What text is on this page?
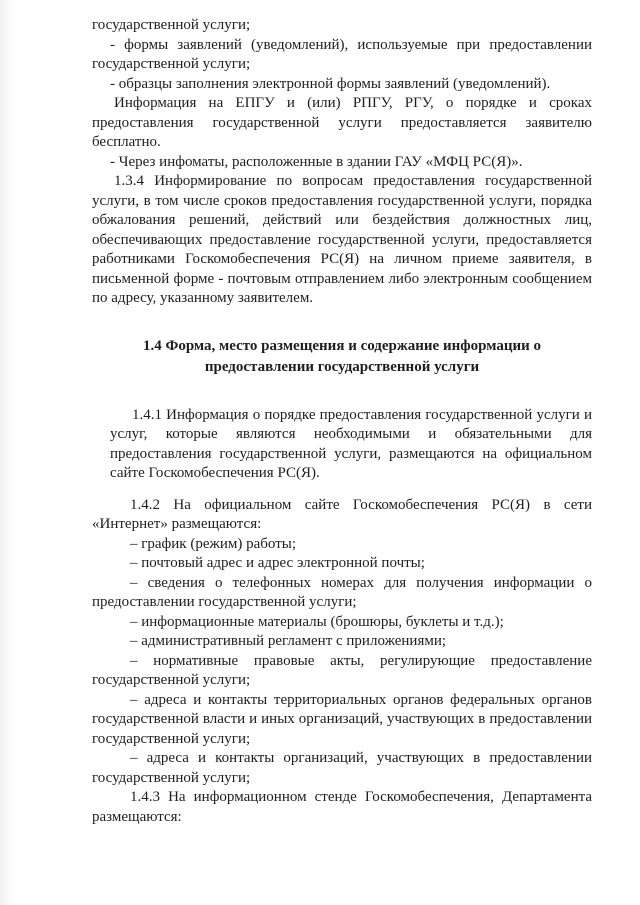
государственной услуги;

- формы заявлений (уведомлений), используемые при предоставлении государственной услуги;

- образцы заполнения электронной формы заявлений (уведомлений).

Информация на ЕПГУ и (или) РПГУ, РГУ, о порядке и сроках предоставления государственной услуги предоставляется заявителю бесплатно.

- Через инфоматы, расположенные в здании ГАУ «МФЦ РС(Я)».

1.3.4 Информирование по вопросам предоставления государственной услуги, в том числе сроков предоставления государственной услуги, порядка обжалования решений, действий или бездействия должностных лиц, обеспечивающих предоставление государственной услуги, предоставляется работниками Госкомобеспечения РС(Я) на личном приеме заявителя, в письменной форме - почтовым отправлением либо электронным сообщением по адресу, указанному заявителем.

1.4 Форма, место размещения и содержание информации о
предоставлении государственной услуги

1.4.1 Информация о порядке предоставления государственной услуги и услуг, которые являются необходимыми и обязательными для предоставления государственной услуги, размещаются на официальном сайте Госкомобеспечения РС(Я).

1.4.2 На официальном сайте Госкомобеспечения РС(Я) в сети «Интернет» размещаются:

– график (режим) работы;

– почтовый адрес и адрес электронной почты;

– сведения о телефонных номерах для получения информации о предоставлении государственной услуги;

– информационные материалы (брошюры, буклеты и т.д.);

– административный регламент с приложениями;

– нормативные правовые акты, регулирующие предоставление государственной услуги;

– адреса и контакты территориальных органов федеральных органов государственной власти и иных организаций, участвующих в предоставлении государственной услуги;

– адреса и контакты организаций, участвующих в предоставлении государственной услуги;

1.4.3 На информационном стенде Госкомобеспечения, Департамента размещаются:
